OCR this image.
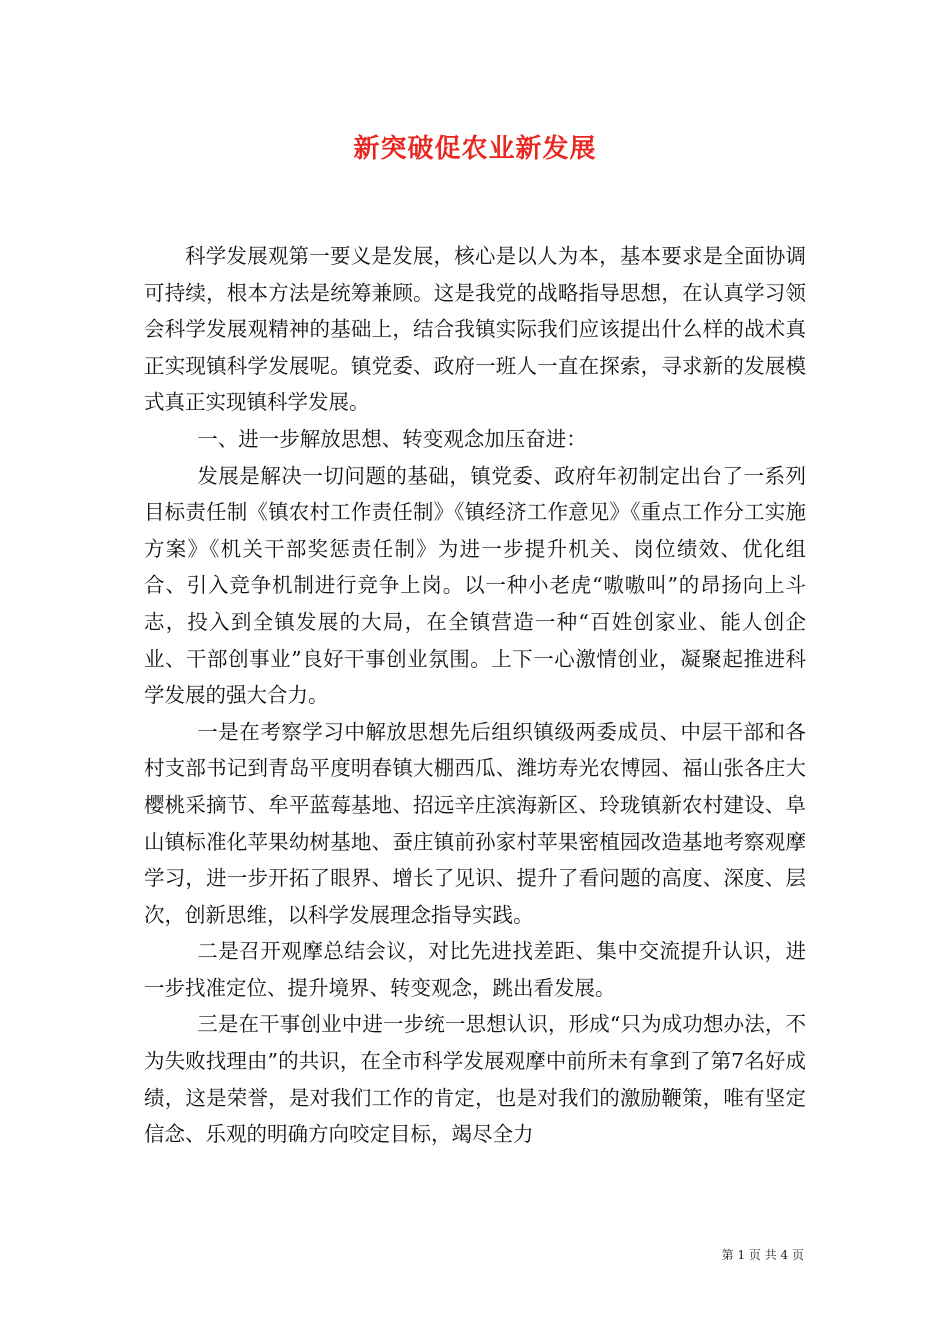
新突破促农业新发展

科学发展观第一要义是发展，核心是以人为本，基本要求是全面协调可持续，根本方法是统筹兼顾。这是我党的战略指导思想，在认真学习领会科学发展观精神的基础上，结合我镇实际我们应该提出什么样的战术真正实现镇科学发展呢。镇党委、政府一班人一直在探索，寻求新的发展模式真正实现镇科学发展。

一、进一步解放思想、转变观念加压奋进：

发展是解决一切问题的基础，镇党委、政府年初制定出台了一系列目标责任制《镇农村工作责任制》《镇经济工作意见》《重点工作分工实施方案》《机关干部奖惩责任制》为进一步提升机关、岗位绩效、优化组合、引入竞争机制进行竞争上岗。以一种小老虎“嗷嗷叫”的昂扬向上斗志，投入到全镇发展的大局，在全镇营造一种“百姓创家业、能人创企业、干部创事业”良好干事创业氛围。上下一心激情创业，凝聚起推进科学发展的强大合力。

一是在考察学习中解放思想先后组织镇级两委成员、中层干部和各村支部书记到青岛平度明春镇大棚西瓜、潍坊寿光农博园、福山张各庄大樱桃采摘节、牟平蓝莓基地、招远辛庄滨海新区、玲珑镇新农村建设、阜山镇标准化苹果幼树基地、蚕庄镇前孙家村苹果密植园改造基地考察观摩学习，进一步开拓了眼界、增长了见识、提升了看问题的高度、深度、层次，创新思维，以科学发展理念指导实践。

二是召开观摩总结会议，对比先进找差距、集中交流提升认识，进一步找准定位、提升境界、转变观念，跳出看发展。

三是在干事创业中进一步统一思想认识，形成“只为成功想办法，不为失败找理由”的共识，在全市科学发展观摩中前所未有拿到了第7名好成绩，这是荣誉，是对我们工作的肯定，也是对我们的激励鞭策，唯有坚定信念、乐观的明确方向咬定目标，竭尽全力

第 1 页 共 4 页
